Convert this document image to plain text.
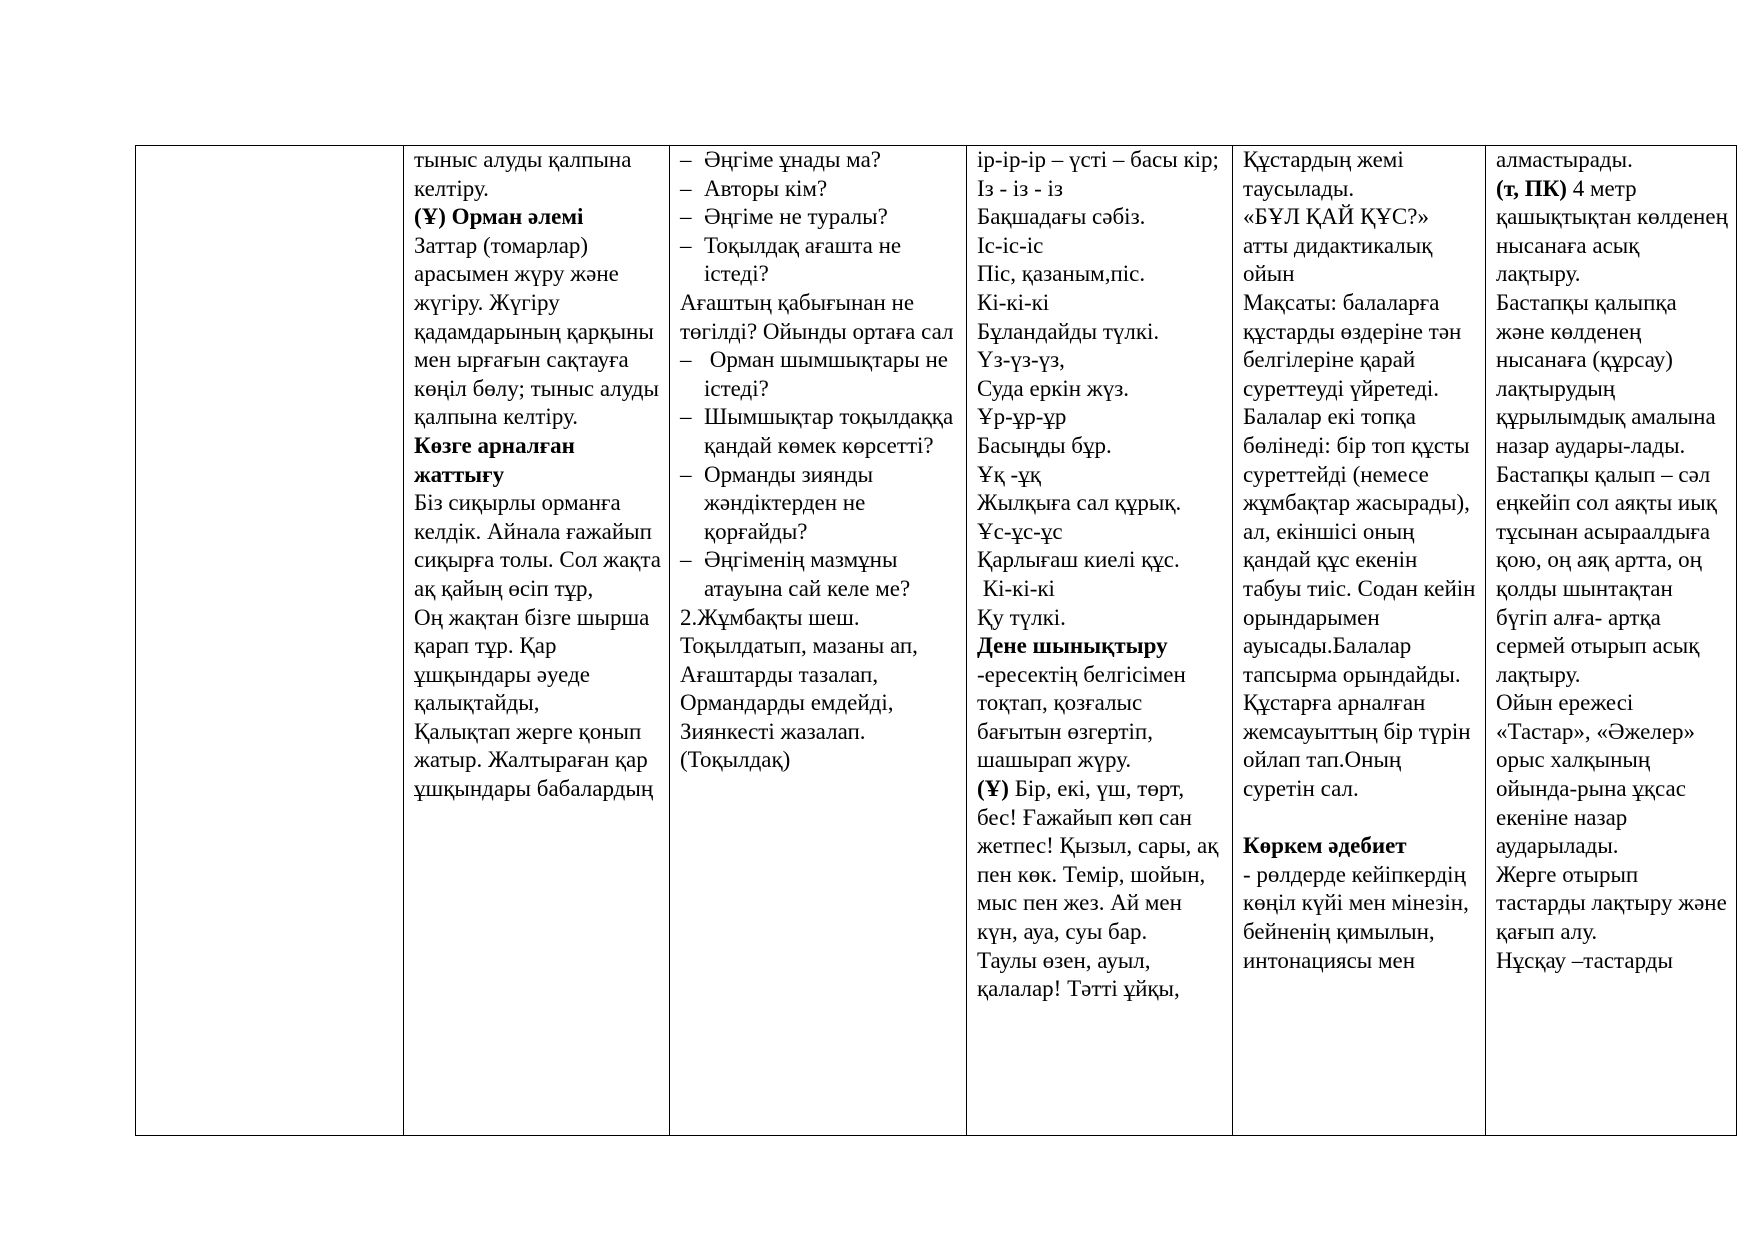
тыныс алуды қалпына келтіру.
(Ұ) Орман әлемі
Заттар (томарлар) арасымен жүру және жүгіру. Жүгіру қадамдарының қарқыны мен ырғағын сақтауға көңіл бөлу; тыныс алуды қалпына келтіру.
Көзге арналған жаттығу
Біз сиқырлы орманға келдік. Айнала ғажайып сиқырға толы. Сол жақта ақ қайың өсіп тұр,
Оң жақтан бізге шырша қарап тұр. Қар ұшқындары әуеде қалықтайды,
Қалықтап жерге қонып жатыр. Жалтыраған қар ұшқындары бабалардың

– Әңгіме ұнады ма?
– Авторы кім?
– Әңгіме не туралы?
– Тоқылдақ ағашта не істеді?
Ағаштың қабығынан не төгілді? Ойынды ортаға сал
– Орман шымшықтары не істеді?
– Шымшықтар тоқылдаққа қандай көмек көрсетті?
– Орманды зиянды жәндіктерден не қорғайды?
– Әңгіменің мазмұны атауына сай келе ме?
2.Жұмбақты шеш.
Тоқылдатып, мазаны ап,
Ағаштарды тазалап,
Ормандарды емдейді,
Зиянкесті жазалап.
(Тоқылдақ)

ір-ір-ір – үсті – басы кір; Із - із - із
Бақшадағы сәбіз.
Іс-іс-іс
Піс, қазаным,піс.
Кі-кі-кі
Бұландайды түлкі.
Үз-үз-үз,
Суда еркін жүз.
Ұр-ұр-ұр
Басыңды бұр.
Ұқ -ұқ
Жылқыға сал құрық.
Ұс-ұс-ұс
Қарлығаш киелі құс.
Кі-кі-кі
Қу түлкі.
Дене шынықтыру
-ересектің белгісімен тоқтап, қозғалыс бағытын өзгертіп, шашырап жүру.
(Ұ) Бір, екі, үш, төрт, бес! Ғажайып көп сан жетпес! Қызыл, сары, ақ пен көк. Темір, шойын, мыс пен жез. Ай мен күн, ауа, суы бар.
Таулы өзен, ауыл, қалалар! Тәтті ұйқы,

Құстардың жемі таусылады.
«БҰЛ ҚАЙ ҚҰС?» атты дидактикалық ойын
Мақсаты: балаларға құстарды өздеріне тән белгілеріне қарай суреттеуді үйретеді.
Балалар екі топқа бөлінеді: бір топ құсты суреттейді (немесе жұмбақтар жасырады), ал, екіншісі оның қандай құс екенін табуы тиіс. Содан кейін орындарымен ауысады.Балалар тапсырма орындайды. Құстарға арналған жемсауыттың бір түрін ойлап тап.Оның суретін сал.
Көркем әдебиет
- рөлдерде кейіпкердің көңіл күйі мен мінезін, бейненің қимылын, интонациясы мен

алмастырады.
(т, ПК) 4 метр қашықтықтан көлденең нысанаға асық лақтыру.
Бастапқы қалыпқа және көлденең нысанаға (құрсау) лақтырудың құрылымдық амалына назар аудары-лады.
Бастапқы қалып – сәл еңкейіп сол аяқты иық тұсынан асыраалдыға қою, оң аяқ артта, оң қолды шынтақтан бүгіп алға- артқа сермей отырып асық лақтыру.
Ойын ережесі «Тастар», «Әжелер» орыс халқының ойында-рына ұқсас екеніне назар аударылады.
Жерге отырып тастарды лақтыру және қағып алу.
Нұсқау –тастарды
